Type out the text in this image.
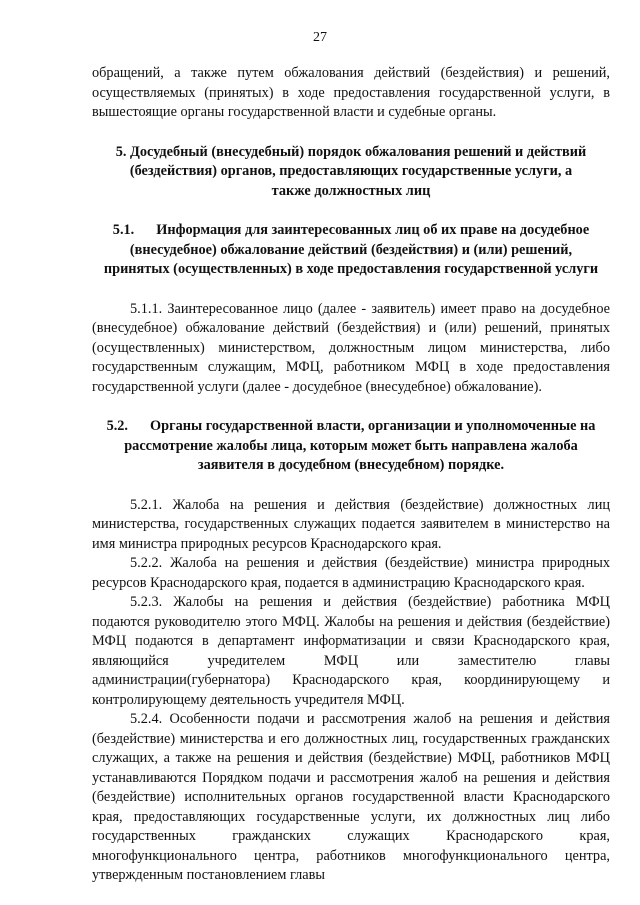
27

обращений, а также путем обжалования действий (бездействия) и решений, осуществляемых (принятых) в ходе предоставления государственной услуги, в вышестоящие органы государственной власти и судебные органы.

5. Досудебный (внесудебный) порядок обжалования решений и действий (бездействия) органов, предоставляющих государственные услуги, а также должностных лиц

5.1. Информация для заинтересованных лиц об их праве на досудебное (внесудебное) обжалование действий (бездействия) и (или) решений, принятых (осуществленных) в ходе предоставления государственной услуги

5.1.1. Заинтересованное лицо (далее - заявитель) имеет право на досудебное (внесудебное) обжалование действий (бездействия) и (или) решений, принятых (осуществленных) министерством, должностным лицом министерства, либо государственным служащим, МФЦ, работником МФЦ в ходе предоставления государственной услуги (далее - досудебное (внесудебное) обжалование).

5.2. Органы государственной власти, организации и уполномоченные на рассмотрение жалобы лица, которым может быть направлена жалоба заявителя в досудебном (внесудебном) порядке.

5.2.1. Жалоба на решения и действия (бездействие) должностных лиц министерства, государственных служащих подается заявителем в министерство на имя министра природных ресурсов Краснодарского края.

5.2.2. Жалоба на решения и действия (бездействие) министра природных ресурсов Краснодарского края, подается в администрацию Краснодарского края.

5.2.3. Жалобы на решения и действия (бездействие) работника МФЦ подаются руководителю этого МФЦ. Жалобы на решения и действия (бездействие) МФЦ подаются в департамент информатизации и связи Краснодарского края, являющийся учредителем МФЦ или заместителю главы администрации(губернатора) Краснодарского края, координирующему и контролирующему деятельность учредителя МФЦ.

5.2.4. Особенности подачи и рассмотрения жалоб на решения и действия (бездействие) министерства и его должностных лиц, государственных гражданских служащих, а также на решения и действия (бездействие) МФЦ, работников МФЦ устанавливаются Порядком подачи и рассмотрения жалоб на решения и действия (бездействие) исполнительных органов государственной власти Краснодарского края, предоставляющих государственные услуги, их должностных лиц либо государственных гражданских служащих Краснодарского края, многофункционального центра, работников многофункционального центра, утвержденным постановлением главы
